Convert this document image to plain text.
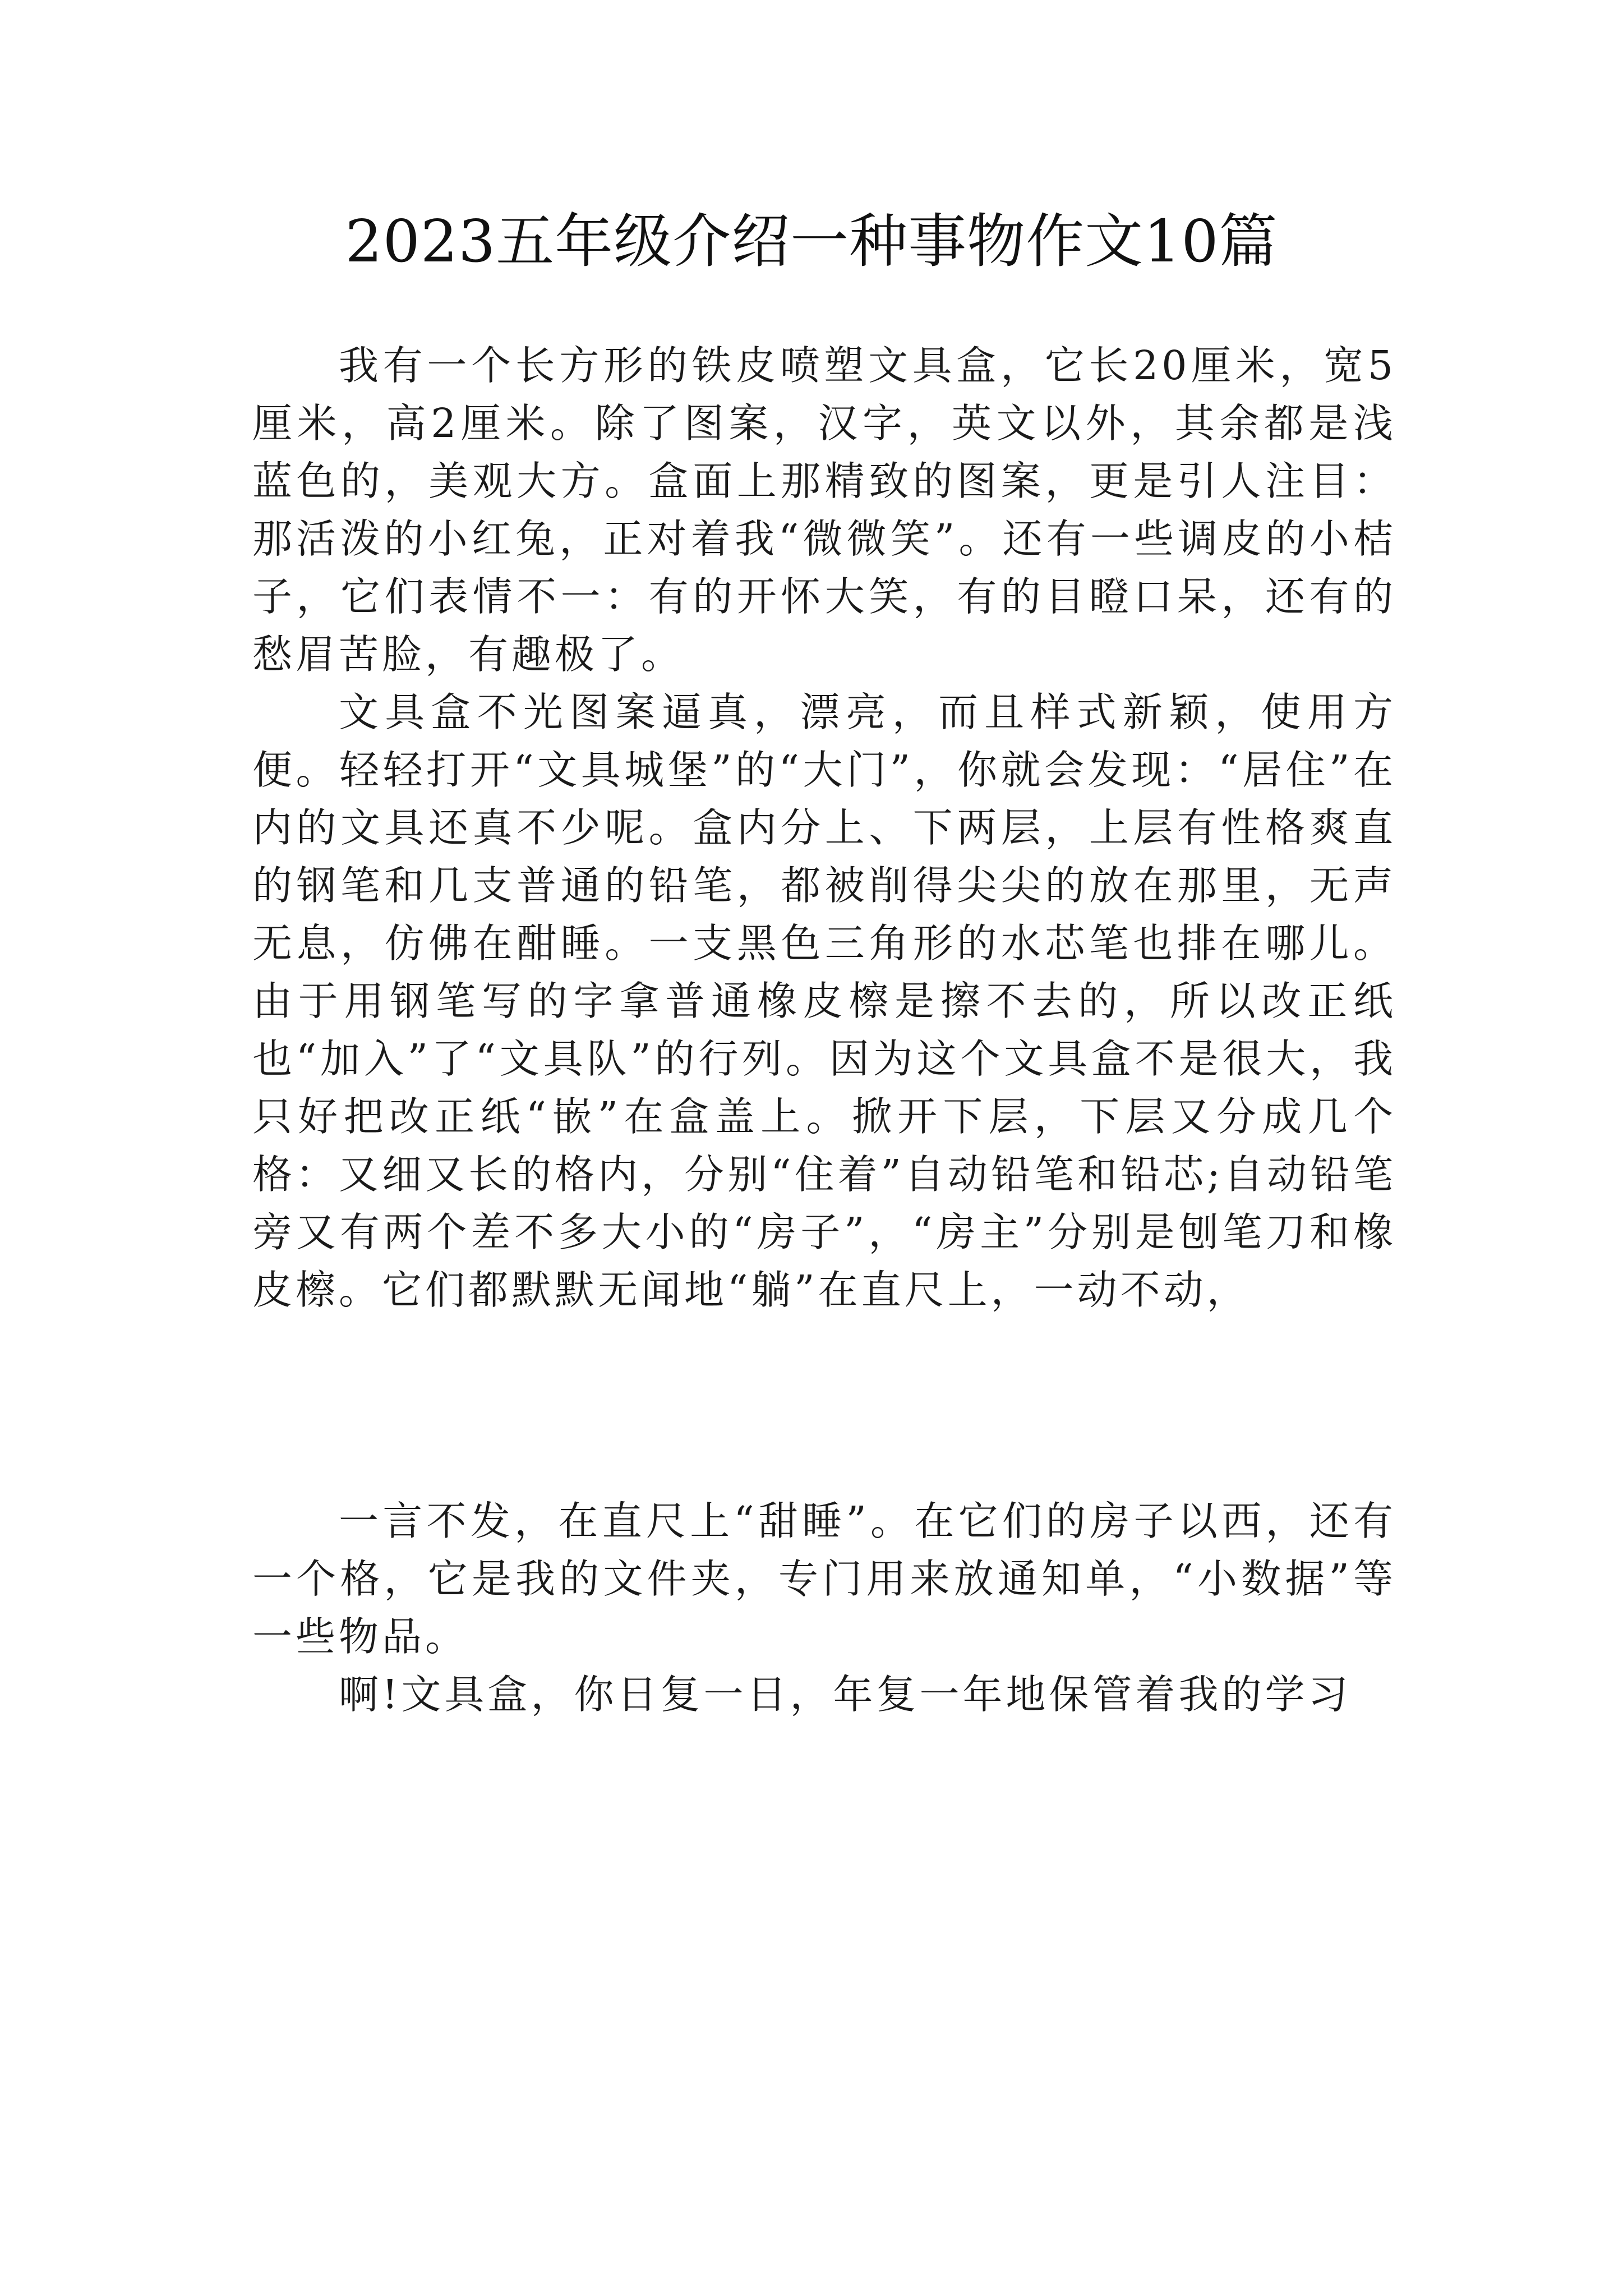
2023五年级介绍一种事物作文10篇

我有一个长方形的铁皮喷塑文具盒，它长20厘米，宽5厘米，高2厘米。除了图案，汉字，英文以外，其余都是浅蓝色的，美观大方。盒面上那精致的图案，更是引人注目：那活泼的小红兔，正对着我“微微笑”。还有一些调皮的小桔子，它们表情不一：有的开怀大笑，有的目瞪口呆，还有的愁眉苦脸，有趣极了。

文具盒不光图案逼真，漂亮，而且样式新颖，使用方便。轻轻打开“文具城堡”的“大门”，你就会发现：“居住”在内的文具还真不少呢。盒内分上、下两层，上层有性格爽直的钢笔和几支普通的铅笔，都被削得尖尖的放在那里，无声无息，仿佛在酣睡。一支黑色三角形的水芯笔也排在哪儿。由于用钢笔写的字拿普通橡皮檫是擦不去的，所以改正纸也“加入”了“文具队”的行列。因为这个文具盒不是很大，我只好把改正纸“嵌”在盒盖上。掀开下层，下层又分成几个格：又细又长的格内，分别“住着”自动铅笔和铅芯;自动铅笔旁又有两个差不多大小的“房子”，“房主”分别是刨笔刀和橡皮檫。它们都默默无闻地“躺”在直尺上，一动不动，

一言不发，在直尺上“甜睡”。在它们的房子以西，还有一个格，它是我的文件夹，专门用来放通知单，“小数据”等一些物品。

啊!文具盒，你日复一日，年复一年地保管着我的学习
